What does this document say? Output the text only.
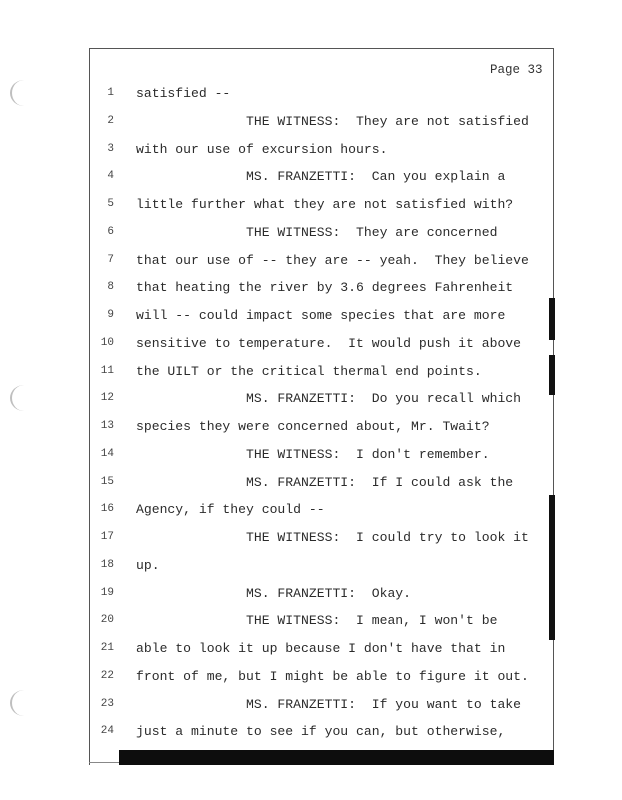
Page 33
1 satisfied --
2 THE WITNESS:  They are not satisfied
3 with our use of excursion hours.
4 MS. FRANZETTI:  Can you explain a
5 little further what they are not satisfied with?
6 THE WITNESS:  They are concerned
7 that our use of -- they are -- yeah.  They believe
8 that heating the river by 3.6 degrees Fahrenheit
9 will -- could impact some species that are more
10 sensitive to temperature.  It would push it above
11 the UILT or the critical thermal end points.
12 MS. FRANZETTI:  Do you recall which
13 species they were concerned about, Mr. Twait?
14 THE WITNESS:  I don't remember.
15 MS. FRANZETTI:  If I could ask the
16 Agency, if they could --
17 THE WITNESS:  I could try to look it
18 up.
19 MS. FRANZETTI:  Okay.
20 THE WITNESS:  I mean, I won't be
21 able to look it up because I don't have that in
22 front of me, but I might be able to figure it out.
23 MS. FRANZETTI:  If you want to take
24 just a minute to see if you can, but otherwise,
